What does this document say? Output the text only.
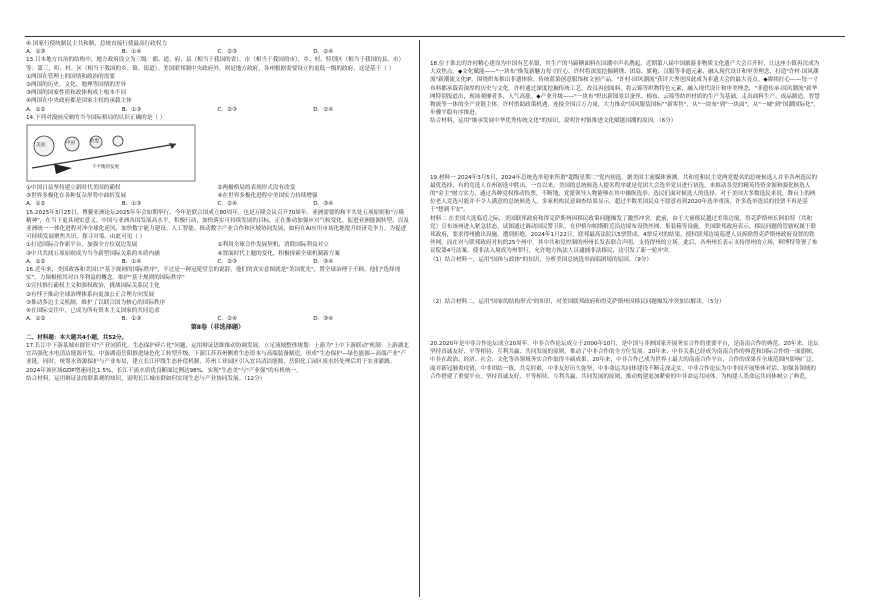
④.国家行使统制民主共和制，总统直接行使最高行政权力

A．①③	B．①④	C．②③	D．②④

13.日本地方自治的结构中，地方政府设立为三级：都、道、府、县（相当于我国的省），市（相当于我国的市）、乡、村、特别区（相当于我国的县、市）等；第三，町、村、区（相当于我国的乡、镇、街道）。美国联邦制中央政府外，则是地方政府，各州根据需要设立的更低一级的政府。这是基于（ ）

①两国在管理上的国情和政治的需要

②两国的历史、文化、地理等国情的差异

③两国的国家性质和政体构成上根本不同

④两国在中央政府都是国家主权的承载主体

A．①②	B．①③	C．②③	D．②④

14.下列对漫画反映的当今国际格局的认识正确的是（ ）

美国	中国	欧盟
不平衡的发展
①中国日益坚持建立新时代美国的霸权	②两极格局的表现形式没有改变
③世界多极化在各种复杂形势中曲折发展	④在世界多极化进程中美国实力持续增强
A．①②	B．①③	C．②④	D．③④

15.2025年3月25日，博鳌亚洲论坛2025年年会如期举行。今年是联合国成立80周年，也是万隆会议召开70周年。亚洲需要的和平共处五项原则和"万隆精神"，在当下更具现实意义。中国与亚洲各国发展高水平，积极行动，加快落实可持续发展的目标，正在推动加强应对气候变化、促进亚洲能源转型、以及亚洲统一一体化进程对冲全球化逆风，加快数字能力建设、人工智能、推动数字产业合作和区域协同发展，如何在AI应用市场化地提升经济竞争力。为促进可持续发展聚焦共识、探寻对策。由此可见（ ）

①打造国际合作新平台，加强全方位双边发展	②利用全球合作发展契机，消除国际利益对立
③中共共找五项原则成为当今新型国际关系的本质内涵	④置面时代主题的变化，积极探索全球机制新方案
A．①②	B．①④	C．②③	D．③④

16.近年来，美国政客和美国口"基于规则的国际秩序"，不过是一种冠冕堂皇的说辞，他们的真实意图就是"美国优先"，置全球治理于不顾。他们"选择现实"，力图根植其对自身利益的概念。维护"基于规则的国际秩序"

①宣挂推行霸权主义和强权政治，挑战国际关系民主化

②有悖于推动全球治理体系向更加公正合理方向发展

③推动多边主义机制，维护了以联合国为核心的国际秩序

④在国际交往中，已成为所有资本主义国家的共同追求

A．①②	B．①③	C．②④	D．③④
第Ⅱ卷（非选择题）

二、材料题：本大题共4小题，共52分。

17.长江中下游某城市群针对"产业同质化、生态保护碎片化"问题，运用辩证思维推动协调发展。立足流域整体规划：上游为"上中下游联动"机制：上游湖北宜昌强化水电清洁能源开发，中游湖南岳阳推进绿色化工转型升级，下游江苏苏州侧重生态资本与高端装备制造，形成"生态保护—绿色能源—高端产业"产业链。同时，统筹水资源保护与产业布局，建立长江岸线生态补偿机制，苏州工业园区引入宜昌清洁能源，岳阳化工园区废水经处理后用于农业灌溉。2024年该区域GDP增速同比1.5%，长江干流水质优良断面比例达98%，实现"生态美"与"产业强"的有机统一。

结合材料，运用辩证法的联系观的知识，说明长江城市群如何实现生态与产业协同发展。（12分）

18.位于淮北的许村精心建设为中国有艺名镇，其生产的马蹄糖面料在国潮中声名鹊起。近期第八届中国旅游非物质文化遗产大会召开时，让这座小镇再次成为大众焦点。◆文化赋能——"一块布"焕发新魅力每寸匠心。许村将深度挖掘刺绣、团扇、旗袍、汉服等非遗元素，融入现代设计和审美理念，打造"许村·国风潮流"新潮流文化IP，围绕织布推出非遗体验、传统蓝染创意服饰和文创产品，"许村·国风潮流"获评大秀也因此成为非遗大会的最大亮点。◆赓续匠心——每一寸布料都承载着深厚的历史与文化。许村通过深度挖掘传统工艺，改良再创面料，将云锦等织物特色元素，融入现代设计和审美理念，"非遗传承·国风潮流"新华网特别报道出，现场观摩者多，人气高涨。◆产业升级——"一块布"织出新图景以蚕丝、棉布、云锦等纺织材质的生产为基础，走出面料生产、成品制造、智慧物流等一体的全产业链主体。许村借助政策机遇，连接全国百万力量，大力推动"国风服装国标""新零售"，从"一块布"到"一块面"，从"一城"到"国潮国际化"，步骤平稳有序推进。

结合材料，运用"继承发展中华优秀传统文化"的知识，说明许村镇推进文化赋能国潮的原因。（6分）

19.材料一 2024年3月5日，2024年总统选举迎来所谓"超级星期二"党内初选。据美国主流媒体预测，共和党和民主党两党提名的总统候选人并非各州选民的最优选择，有的竞选人在州初选中胜出。一直以来，美国的总统候选人提名程序就是党团大会选举党员进行初选，来推动各党的精英投资金源和强化候选人的"金主"财力实力，通过各种党权推动投票，不断地，党派领导人物能够在其中操纵选举。选民们面对候选人的选择，对于美国大多数选民来说，舞台上的两位老人竞选可能并不令人满意的总统候选人。多家机构民意调查结果显示，超过半数美国民众不愿意看到2020年选举重演，许多选举选民的投票不再是基于"想到不安"。

材料二 在美国大选临近之际，美国联邦政府和得克萨斯州因移民政策问题爆发了激烈冲突。此前，由于大量移民越过美墨边境，得克萨斯州长阿伯特（共和党）宣布该州进入紧急状态，试图通过调动国民警卫队，在伊格尔帕斯附近沿边境布设铁丝网、集装箱等设施。美国联邦政府表示，移民问题的管辖权属于联邦政府，要求得州撤出设施，遭到拒绝。2024年1月22日，联邦最高法院以5票赞成、4票反对的结果，授权联邦边境巡逻人员拆除得克萨斯州政府设置的铁丝网。而在对与联邦政府对抗的25个州中，其中共和党控制的州州长发表联合声明，支持得州的立场。此后，各州州长表示支持得州的立场，阿博特签署了参议院第4号法案，使非法入境成为州罪行，允许地方执法人员逮捕非法移民，这引发了新一轮冲突。

（1）结合材料一，运用"国体与政体"的知识，分析美国总统选举面临困境的原因。（9分）

（2）结合材料二，运用"国家的结构形式"的知识，对美国联邦政府和得克萨斯州因移民问题爆发冲突加以解读。（5分）

20.2020年是中非合作论坛成立20周年。中非合作论坛成立于2000年10月，是中国与非洲国家开展务实合作的重要平台，是南南合作的典范。20年来，论坛坚持真诚友好、平等相待、互利共赢、共同发展的原则，推动了中非合作的全方位发展。20年来，中非关系已经成为南南合作的典范和国际合作的一面旗帜，中非在政治、经济、社会、文化等各领域务实合作取得丰硕成果。20年来，中非合作已成为世界上最大的南南合作平台，合作的成果在全球范围内影响广泛。面对新冠肺炎疫情，中非团结一致，共克时艰，中非友好历久弥坚，中非命运共同体建设不断走深走实。中非合作论坛为中非间开展集体对话、加强各领域的合作搭建了重要平台，坚持真诚友好、平等相待、互利共赢、共同发展的原则，推动构建更加紧密的中非命运共同体，为构建人类命运共同体树立了典范。
